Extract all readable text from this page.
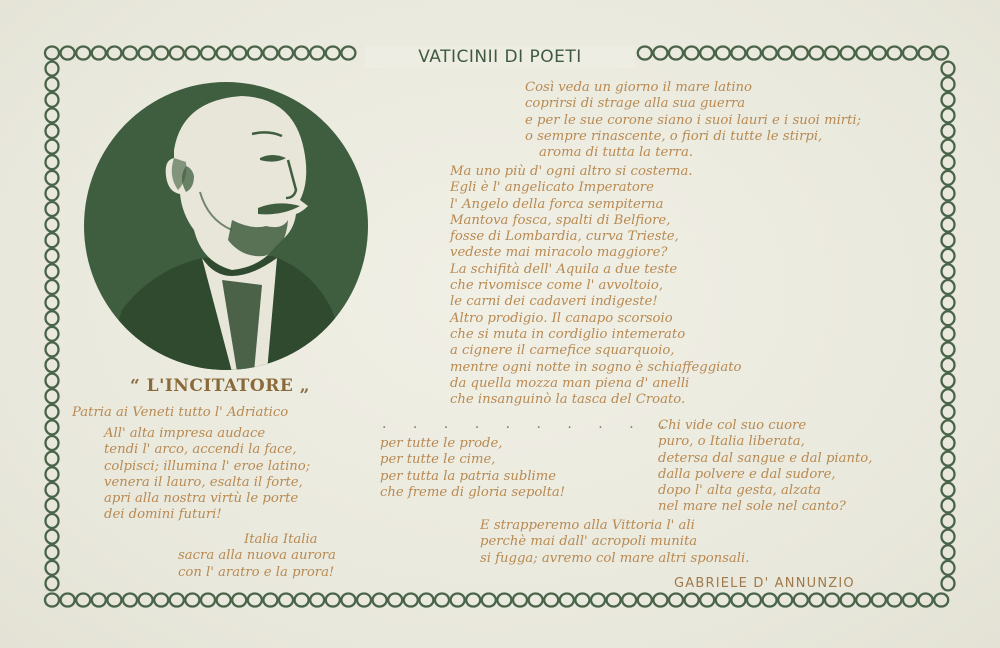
VATICINII DI POETI
“ L'INCITATORE „
Così veda un giorno il mare latino
coprirsi di strage alla sua guerra
e per le sue corone siano i suoi lauri e i suoi mirti;
o sempre rinascente, o fiori di tutte le stirpi,
aroma di tutta la terra.
Ma uno più d' ogni altro si costerna.
Egli è l' angelicato Imperatore
l' Angelo della forca sempiterna
Mantova fosca, spalti di Belfiore,
fosse di Lombardia, curva Trieste,
vedeste mai miracolo maggiore?
La schifità dell' Aquila a due teste
che rivomisce come l' avvoltoio,
le carni dei cadaveri indigeste!
Altro prodigio. Il canapo scorsoio
che si muta in cordiglio intemerato
a cignere il carnefice squarquoio,
mentre ogni notte in sogno è schiaffeggiato
da quella mozza man piena d' anelli
che insanguinò la tasca del Croato.
Patria ai Veneti tutto l' Adriatico
All' alta impresa audace
tendi l' arco, accendi la face,
colpisci; illumina l' eroe latino;
venera il lauro, esalta il forte,
apri alla nostra virtù le porte
dei domini futuri!
Italia Italia
sacra alla nuova aurora
con l' aratro e la prora!
· · · · · · · · · ·
per tutte le prode,
per tutte le cime,
per tutta la patria sublime
che freme di gloria sepolta!
Chi vide col suo cuore
puro, o Italia liberata,
detersa dal sangue e dal pianto,
dalla polvere e dal sudore,
dopo l' alta gesta, alzata
nel mare nel sole nel canto?
E strapperemo alla Vittoria l' ali
perchè mai dall' acropoli munita
si fugga; avremo col mare altri sponsali.
GABRIELE D' ANNUNZIO
